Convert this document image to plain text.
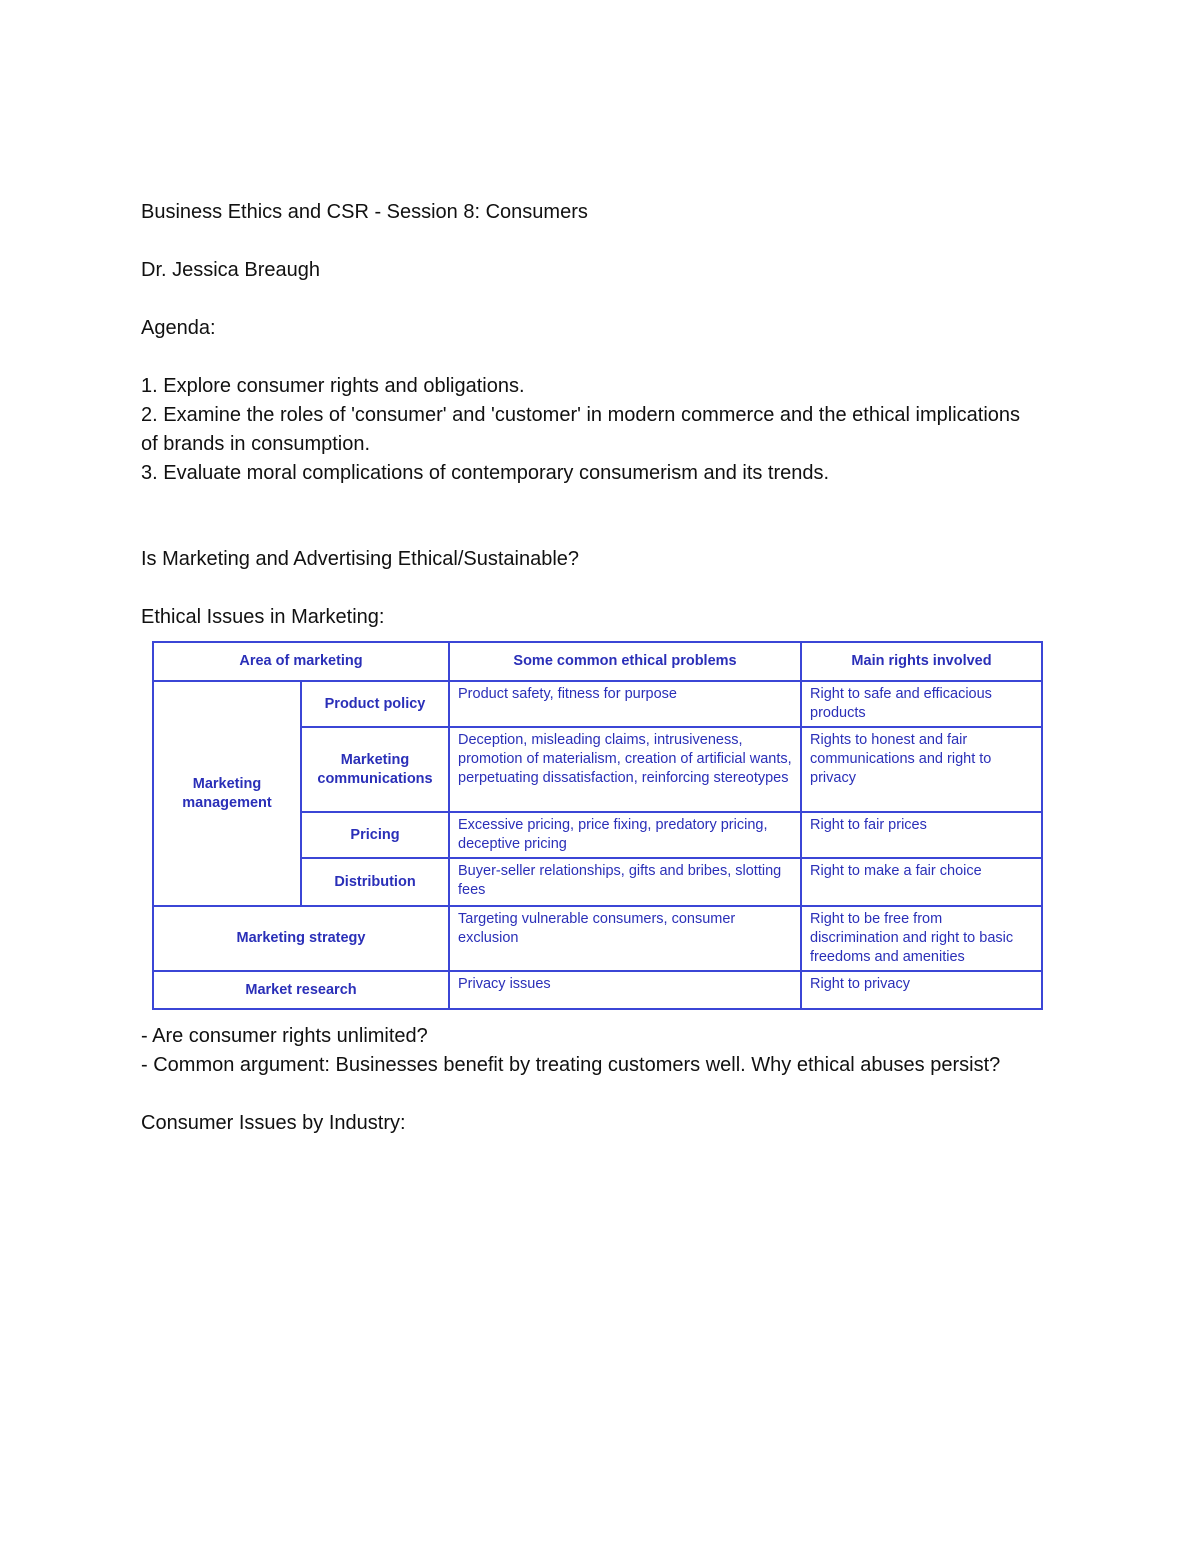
Business Ethics and CSR - Session 8: Consumers
Dr. Jessica Breaugh
Agenda:
1. Explore consumer rights and obligations.
2. Examine the roles of 'consumer' and 'customer' in modern commerce and the ethical implications of brands in consumption.
3. Evaluate moral complications of contemporary consumerism and its trends.
Is Marketing and Advertising Ethical/Sustainable?
Ethical Issues in Marketing:
Area of marketing		Some common ethical problems	Main rights involved
Marketing management	Product policy	Product safety, fitness for purpose	Right to safe and efficacious products
	Marketing communications	Deception, misleading claims, intrusiveness, promotion of materialism, creation of artificial wants, perpetuating dissatisfaction, reinforcing stereotypes	Rights to honest and fair communications and right to privacy
	Pricing	Excessive pricing, price fixing, predatory pricing, deceptive pricing	Right to fair prices
	Distribution	Buyer-seller relationships, gifts and bribes, slotting fees	Right to make a fair choice
Marketing strategy		Targeting vulnerable consumers, consumer exclusion	Right to be free from discrimination and right to basic freedoms and amenities
Market research		Privacy issues	Right to privacy
- Are consumer rights unlimited?
- Common argument: Businesses benefit by treating customers well. Why ethical abuses persist?
Consumer Issues by Industry:
